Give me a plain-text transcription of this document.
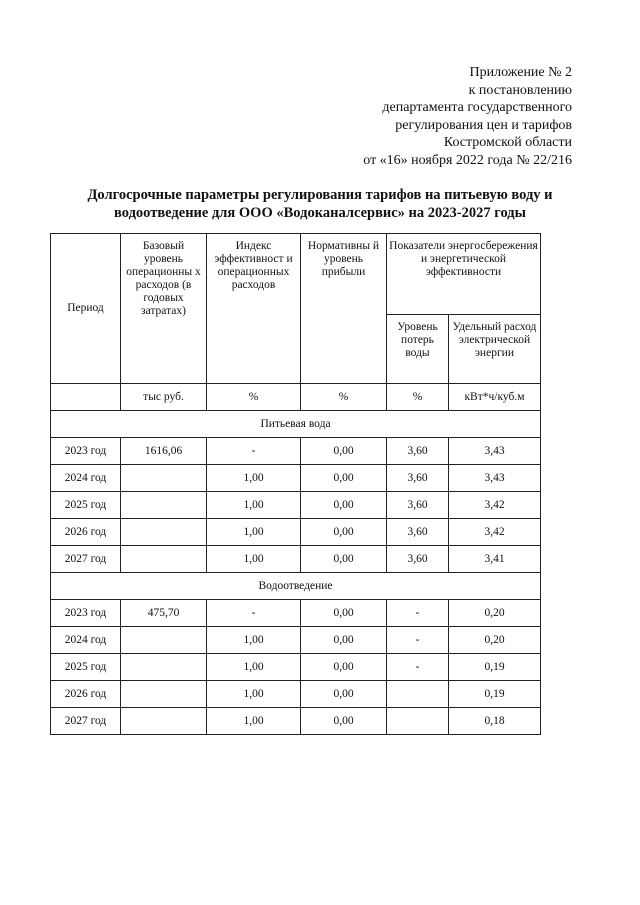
Приложение № 2
к постановлению
департамента государственного
регулирования цен и тарифов
Костромской области
от «16» ноября 2022 года № 22/216
Долгосрочные параметры регулирования тарифов на питьевую воду и
водоотведение для ООО «Водоканалсервис» на 2023-2027 годы
Период	Базовый уровень операционны х расходов (в годовых затратах)	Индекс эффективност и операционных расходов	Нормативны й уровень прибыли	Показатели энергосбережения и энергетической эффективности	
				Уровень потерь воды	Удельный расход электрической энергии
	тыс руб.	%	%	%	кВт*ч/куб.м
Питьевая вода					
2023 год	1616,06	-	0,00	3,60	3,43
2024 год		1,00	0,00	3,60	3,43
2025 год		1,00	0,00	3,60	3,42
2026 год		1,00	0,00	3,60	3,42
2027 год		1,00	0,00	3,60	3,41
Водоотведение					
2023 год	475,70	-	0,00	-	0,20
2024 год		1,00	0,00	-	0,20
2025 год		1,00	0,00	-	0,19
2026 год		1,00	0,00		0,19
2027 год		1,00	0,00		0,18
